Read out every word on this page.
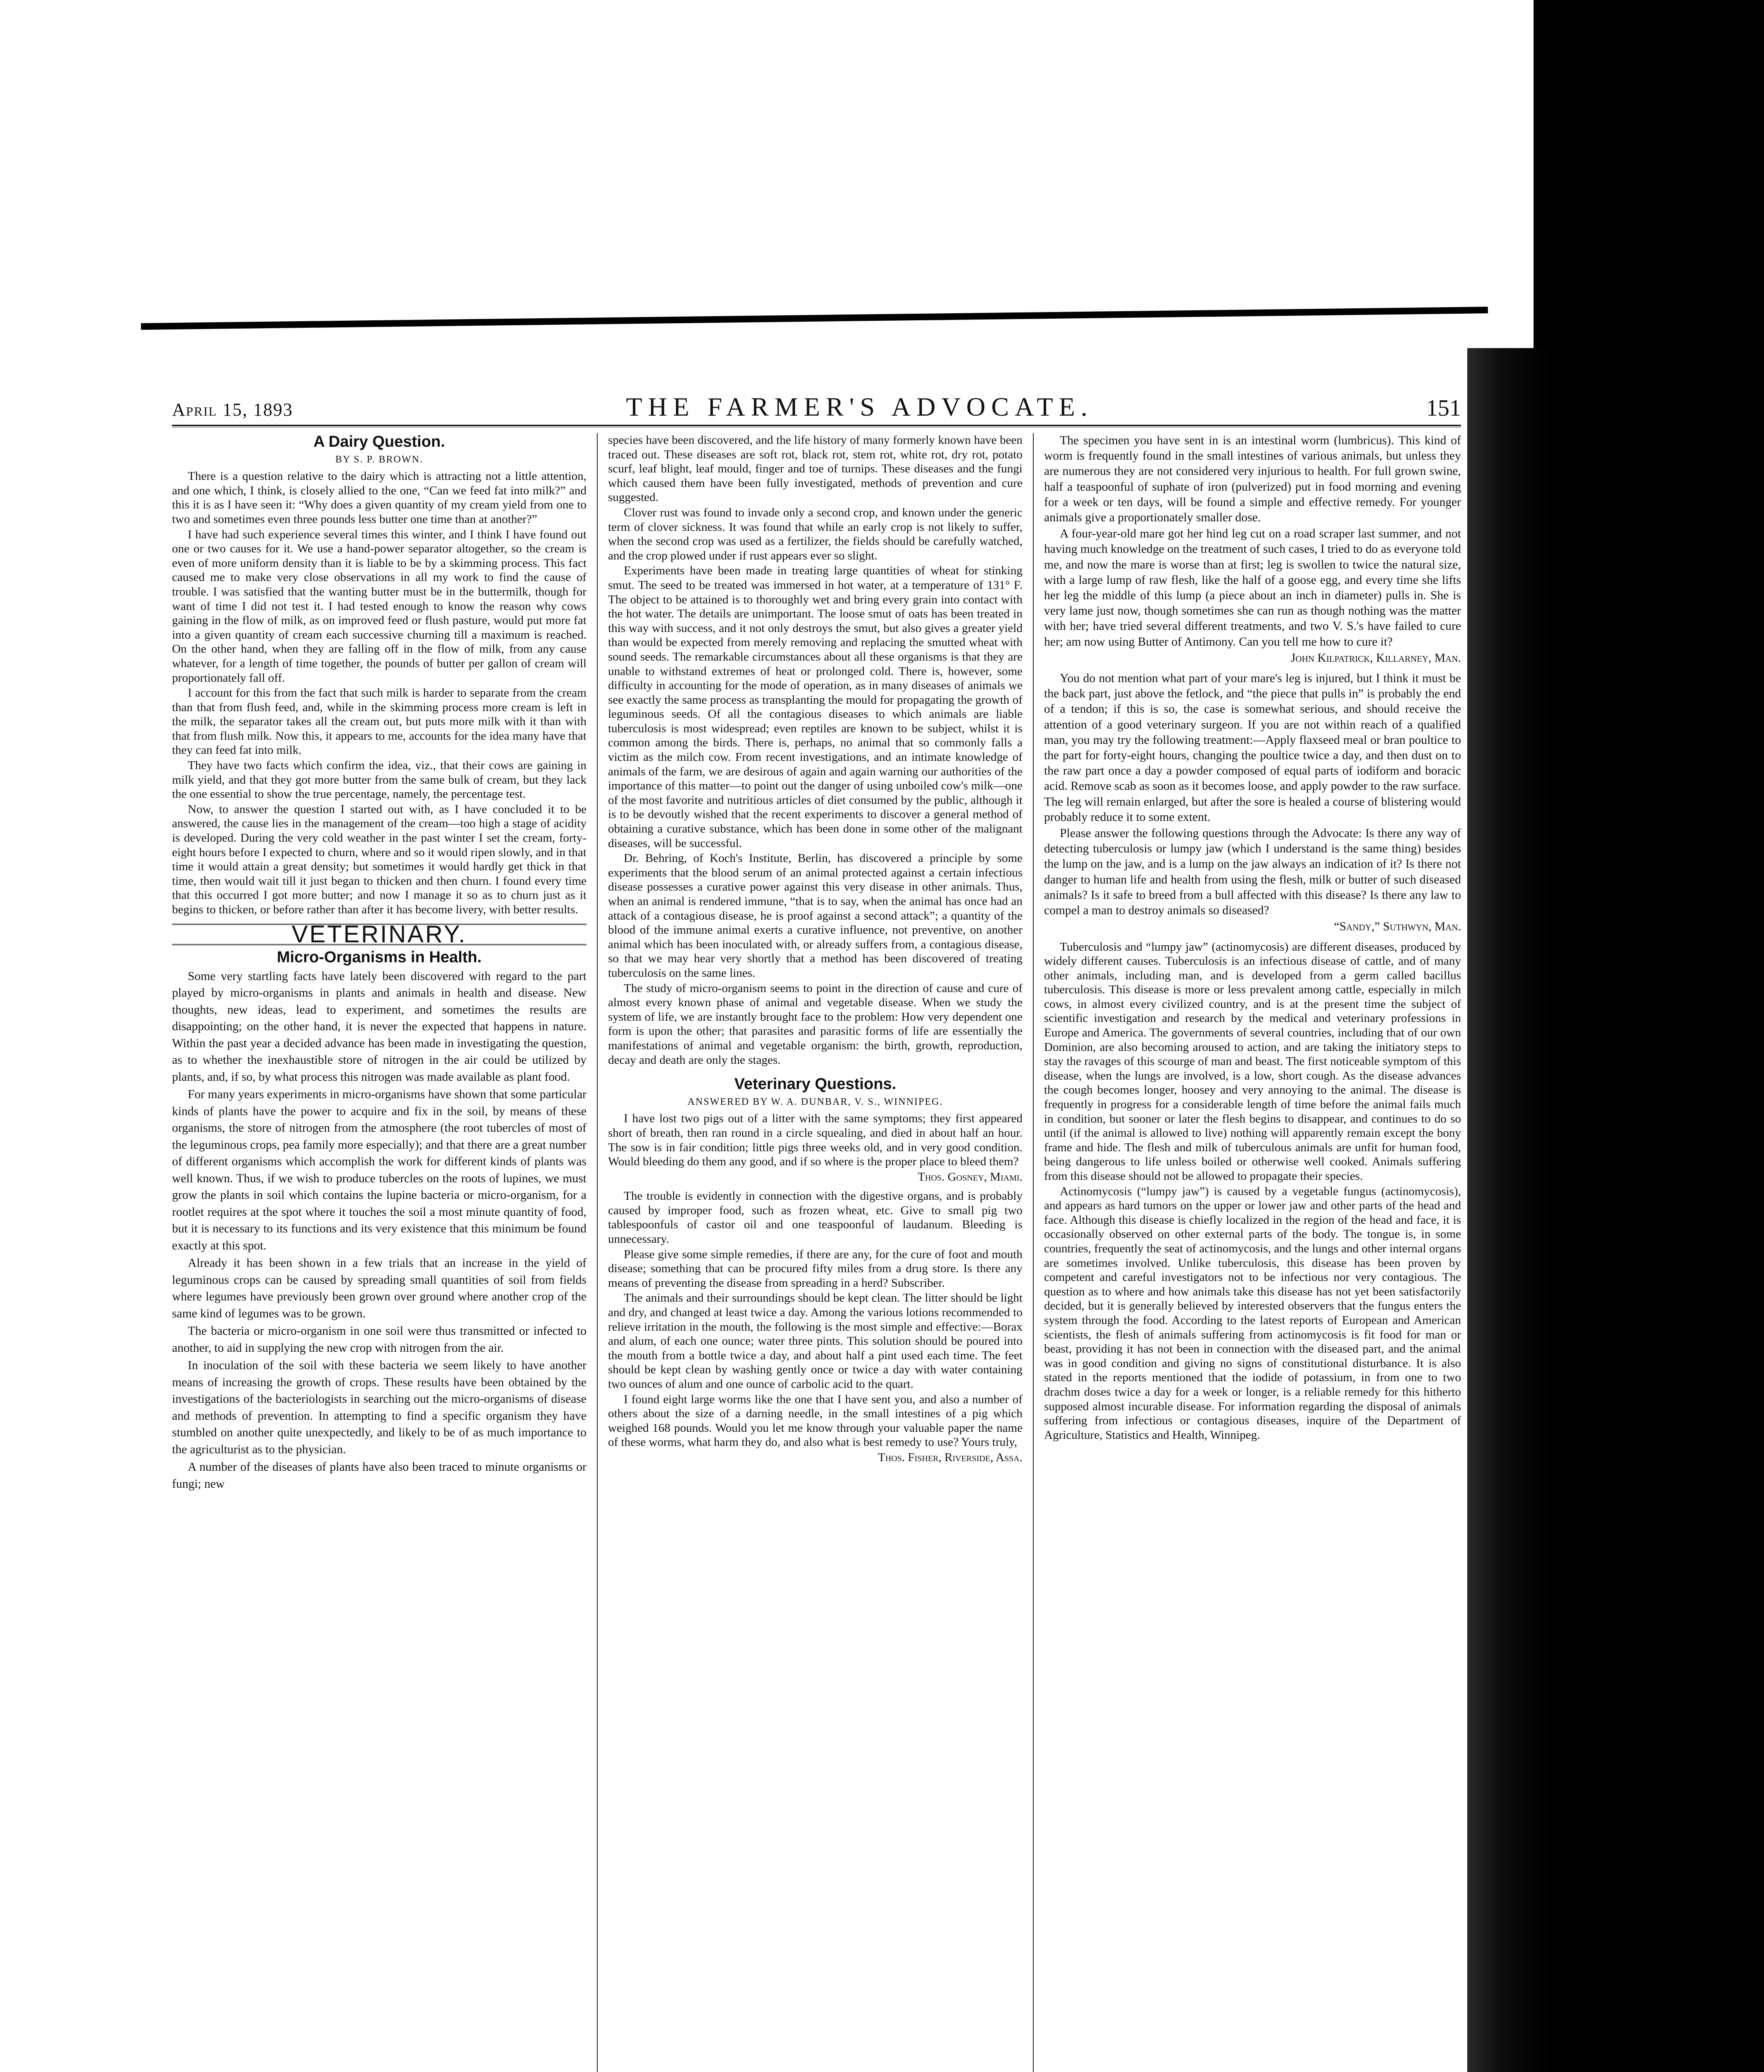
April 15, 1893	THE FARMER'S ADVOCATE.	151
A Dairy Question.
BY S. P. BROWN.

There is a question relative to the dairy which is attracting not a little attention, and one which, I think, is closely allied to the one, “Can we feed fat into milk?” and this it is as I have seen it: “Why does a given quantity of my cream yield from one to two and sometimes even three pounds less butter one time than at another?”

I have had such experience several times this winter, and I think I have found out one or two causes for it. We use a hand-power separator altogether, so the cream is even of more uniform density than it is liable to be by a skimming process. This fact caused me to make very close observations in all my work to find the cause of trouble. I was satisfied that the wanting butter must be in the buttermilk, though for want of time I did not test it. I had tested enough to know the reason why cows gaining in the flow of milk, as on improved feed or flush pasture, would put more fat into a given quantity of cream each successive churning till a maximum is reached. On the other hand, when they are falling off in the flow of milk, from any cause whatever, for a length of time together, the pounds of butter per gallon of cream will proportionately fall off.

I account for this from the fact that such milk is harder to separate from the cream than that from flush feed, and, while in the skimming process more cream is left in the milk, the separator takes all the cream out, but puts more milk with it than with that from flush milk. Now this, it appears to me, accounts for the idea many have that they can feed fat into milk.

They have two facts which confirm the idea, viz., that their cows are gaining in milk yield, and that they got more butter from the same bulk of cream, but they lack the one essential to show the true percentage, namely, the percentage test.

Now, to answer the question I started out with, as I have concluded it to be answered, the cause lies in the management of the cream—too high a stage of acidity is developed. During the very cold weather in the past winter I set the cream, forty-eight hours before I expected to churn, where and so it would ripen slowly, and in that time it would attain a great density; but sometimes it would hardly get thick in that time, then would wait till it just began to thicken and then churn. I found every time that this occurred I got more butter; and now I manage it so as to churn just as it begins to thicken, or before rather than after it has become livery, with better results.

VETERINARY.
Micro-Organisms in Health.

Some very startling facts have lately been discovered with regard to the part played by micro-organisms in plants and animals in health and disease. New thoughts, new ideas, lead to experiment, and sometimes the results are disappointing; on the other hand, it is never the expected that happens in nature. Within the past year a decided advance has been made in investigating the question, as to whether the inexhaustible store of nitrogen in the air could be utilized by plants, and, if so, by what process this nitrogen was made available as plant food.

For many years experiments in micro-organisms have shown that some particular kinds of plants have the power to acquire and fix in the soil, by means of these organisms, the store of nitrogen from the atmosphere (the root tubercles of most of the leguminous crops, pea family more especially); and that there are a great number of different organisms which accomplish the work for different kinds of plants was well known. Thus, if we wish to produce tubercles on the roots of lupines, we must grow the plants in soil which contains the lupine bacteria or micro-organism, for a rootlet requires at the spot where it touches the soil a most minute quantity of food, but it is necessary to its functions and its very existence that this minimum be found exactly at this spot.

Already it has been shown in a few trials that an increase in the yield of leguminous crops can be caused by spreading small quantities of soil from fields where legumes have previously been grown over ground where another crop of the same kind of legumes was to be grown.

The bacteria or micro-organism in one soil were thus transmitted or infected to another, to aid in supplying the new crop with nitrogen from the air.

In inoculation of the soil with these bacteria we seem likely to have another means of increasing the growth of crops. These results have been obtained by the investigations of the bacteriologists in searching out the micro-organisms of disease and methods of prevention. In attempting to find a specific organism they have stumbled on another quite unexpectedly, and likely to be of as much importance to the agriculturist as to the physician.

A number of the diseases of plants have also been traced to minute organisms or fungi; new

species have been discovered, and the life history of many formerly known have been traced out. These diseases are soft rot, black rot, stem rot, white rot, dry rot, potato scurf, leaf blight, leaf mould, finger and toe of turnips. These diseases and the fungi which caused them have been fully investigated, methods of prevention and cure suggested.

Clover rust was found to invade only a second crop, and known under the generic term of clover sickness. It was found that while an early crop is not likely to suffer, when the second crop was used as a fertilizer, the fields should be carefully watched, and the crop plowed under if rust appears ever so slight.

Experiments have been made in treating large quantities of wheat for stinking smut. The seed to be treated was immersed in hot water, at a temperature of 131° F. The object to be attained is to thoroughly wet and bring every grain into contact with the hot water. The details are unimportant. The loose smut of oats has been treated in this way with success, and it not only destroys the smut, but also gives a greater yield than would be expected from merely removing and replacing the smutted wheat with sound seeds. The remarkable circumstances about all these organisms is that they are unable to withstand extremes of heat or prolonged cold. There is, however, some difficulty in accounting for the mode of operation, as in many diseases of animals we see exactly the same process as transplanting the mould for propagating the growth of leguminous seeds. Of all the contagious diseases to which animals are liable tuberculosis is most widespread; even reptiles are known to be subject, whilst it is common among the birds. There is, perhaps, no animal that so commonly falls a victim as the milch cow. From recent investigations, and an intimate knowledge of animals of the farm, we are desirous of again and again warning our authorities of the importance of this matter—to point out the danger of using unboiled cow's milk—one of the most favorite and nutritious articles of diet consumed by the public, although it is to be devoutly wished that the recent experiments to discover a general method of obtaining a curative substance, which has been done in some other of the malignant diseases, will be successful.

Dr. Behring, of Koch's Institute, Berlin, has discovered a principle by some experiments that the blood serum of an animal protected against a certain infectious disease possesses a curative power against this very disease in other animals. Thus, when an animal is rendered immune, “that is to say, when the animal has once had an attack of a contagious disease, he is proof against a second attack”; a quantity of the blood of the immune animal exerts a curative influence, not preventive, on another animal which has been inoculated with, or already suffers from, a contagious disease, so that we may hear very shortly that a method has been discovered of treating tuberculosis on the same lines.

The study of micro-organism seems to point in the direction of cause and cure of almost every known phase of animal and vegetable disease. When we study the system of life, we are instantly brought face to the problem: How very dependent one form is upon the other; that parasites and parasitic forms of life are essentially the manifestations of animal and vegetable organism: the birth, growth, reproduction, decay and death are only the stages.

Veterinary Questions.
ANSWERED BY W. A. DUNBAR, V. S., WINNIPEG.

I have lost two pigs out of a litter with the same symptoms; they first appeared short of breath, then ran round in a circle squealing, and died in about half an hour. The sow is in fair condition; little pigs three weeks old, and in very good condition. Would bleeding do them any good, and if so where is the proper place to bleed them?

Thos. Gosney, Miami.

The trouble is evidently in connection with the digestive organs, and is probably caused by improper food, such as frozen wheat, etc. Give to small pig two tablespoonfuls of castor oil and one teaspoonful of laudanum. Bleeding is unnecessary.

Please give some simple remedies, if there are any, for the cure of foot and mouth disease; something that can be procured fifty miles from a drug store. Is there any means of preventing the disease from spreading in a herd? Subscriber.

The animals and their surroundings should be kept clean. The litter should be light and dry, and changed at least twice a day. Among the various lotions recommended to relieve irritation in the mouth, the following is the most simple and effective:—Borax and alum, of each one ounce; water three pints. This solution should be poured into the mouth from a bottle twice a day, and about half a pint used each time. The feet should be kept clean by washing gently once or twice a day with water containing two ounces of alum and one ounce of carbolic acid to the quart.

I found eight large worms like the one that I have sent you, and also a number of others about the size of a darning needle, in the small intestines of a pig which weighed 168 pounds. Would you let me know through your valuable paper the name of these worms, what harm they do, and also what is best remedy to use? Yours truly,

Thos. Fisher, Riverside, Assa.

The specimen you have sent in is an intestinal worm (lumbricus). This kind of worm is frequently found in the small intestines of various animals, but unless they are numerous they are not considered very injurious to health. For full grown swine, half a teaspoonful of suphate of iron (pulverized) put in food morning and evening for a week or ten days, will be found a simple and effective remedy. For younger animals give a proportionately smaller dose.

A four-year-old mare got her hind leg cut on a road scraper last summer, and not having much knowledge on the treatment of such cases, I tried to do as everyone told me, and now the mare is worse than at first; leg is swollen to twice the natural size, with a large lump of raw flesh, like the half of a goose egg, and every time she lifts her leg the middle of this lump (a piece about an inch in diameter) pulls in. She is very lame just now, though sometimes she can run as though nothing was the matter with her; have tried several different treatments, and two V. S.'s have failed to cure her; am now using Butter of Antimony. Can you tell me how to cure it?

John Kilpatrick, Killarney, Man.

You do not mention what part of your mare's leg is injured, but I think it must be the back part, just above the fetlock, and “the piece that pulls in” is probably the end of a tendon; if this is so, the case is somewhat serious, and should receive the attention of a good veterinary surgeon. If you are not within reach of a qualified man, you may try the following treatment:—Apply flaxseed meal or bran poultice to the part for forty-eight hours, changing the poultice twice a day, and then dust on to the raw part once a day a powder composed of equal parts of iodiform and boracic acid. Remove scab as soon as it becomes loose, and apply powder to the raw surface. The leg will remain enlarged, but after the sore is healed a course of blistering would probably reduce it to some extent.

Please answer the following questions through the Advocate: Is there any way of detecting tuberculosis or lumpy jaw (which I understand is the same thing) besides the lump on the jaw, and is a lump on the jaw always an indication of it? Is there not danger to human life and health from using the flesh, milk or butter of such diseased animals? Is it safe to breed from a bull affected with this disease? Is there any law to compel a man to destroy animals so diseased?

“Sandy,” Suthwyn, Man.

Tuberculosis and “lumpy jaw” (actinomycosis) are different diseases, produced by widely different causes. Tuberculosis is an infectious disease of cattle, and of many other animals, including man, and is developed from a germ called bacillus tuberculosis. This disease is more or less prevalent among cattle, especially in milch cows, in almost every civilized country, and is at the present time the subject of scientific investigation and research by the medical and veterinary professions in Europe and America. The governments of several countries, including that of our own Dominion, are also becoming aroused to action, and are taking the initiatory steps to stay the ravages of this scourge of man and beast. The first noticeable symptom of this disease, when the lungs are involved, is a low, short cough. As the disease advances the cough becomes longer, hoosey and very annoying to the animal. The disease is frequently in progress for a considerable length of time before the animal fails much in condition, but sooner or later the flesh begins to disappear, and continues to do so until (if the animal is allowed to live) nothing will apparently remain except the bony frame and hide. The flesh and milk of tuberculous animals are unfit for human food, being dangerous to life unless boiled or otherwise well cooked. Animals suffering from this disease should not be allowed to propagate their species.

Actinomycosis (“lumpy jaw”) is caused by a vegetable fungus (actinomycosis), and appears as hard tumors on the upper or lower jaw and other parts of the head and face. Although this disease is chiefly localized in the region of the head and face, it is occasionally observed on other external parts of the body. The tongue is, in some countries, frequently the seat of actinomycosis, and the lungs and other internal organs are sometimes involved. Unlike tuberculosis, this disease has been proven by competent and careful investigators not to be infectious nor very contagious. The question as to where and how animals take this disease has not yet been satisfactorily decided, but it is generally believed by interested observers that the fungus enters the system through the food. According to the latest reports of European and American scientists, the flesh of animals suffering from actinomycosis is fit food for man or beast, providing it has not been in connection with the diseased part, and the animal was in good condition and giving no signs of constitutional disturbance. It is also stated in the reports mentioned that the iodide of potassium, in from one to two drachm doses twice a day for a week or longer, is a reliable remedy for this hitherto supposed almost incurable disease. For information regarding the disposal of animals suffering from infectious or contagious diseases, inquire of the Department of Agriculture, Statistics and Health, Winnipeg.
